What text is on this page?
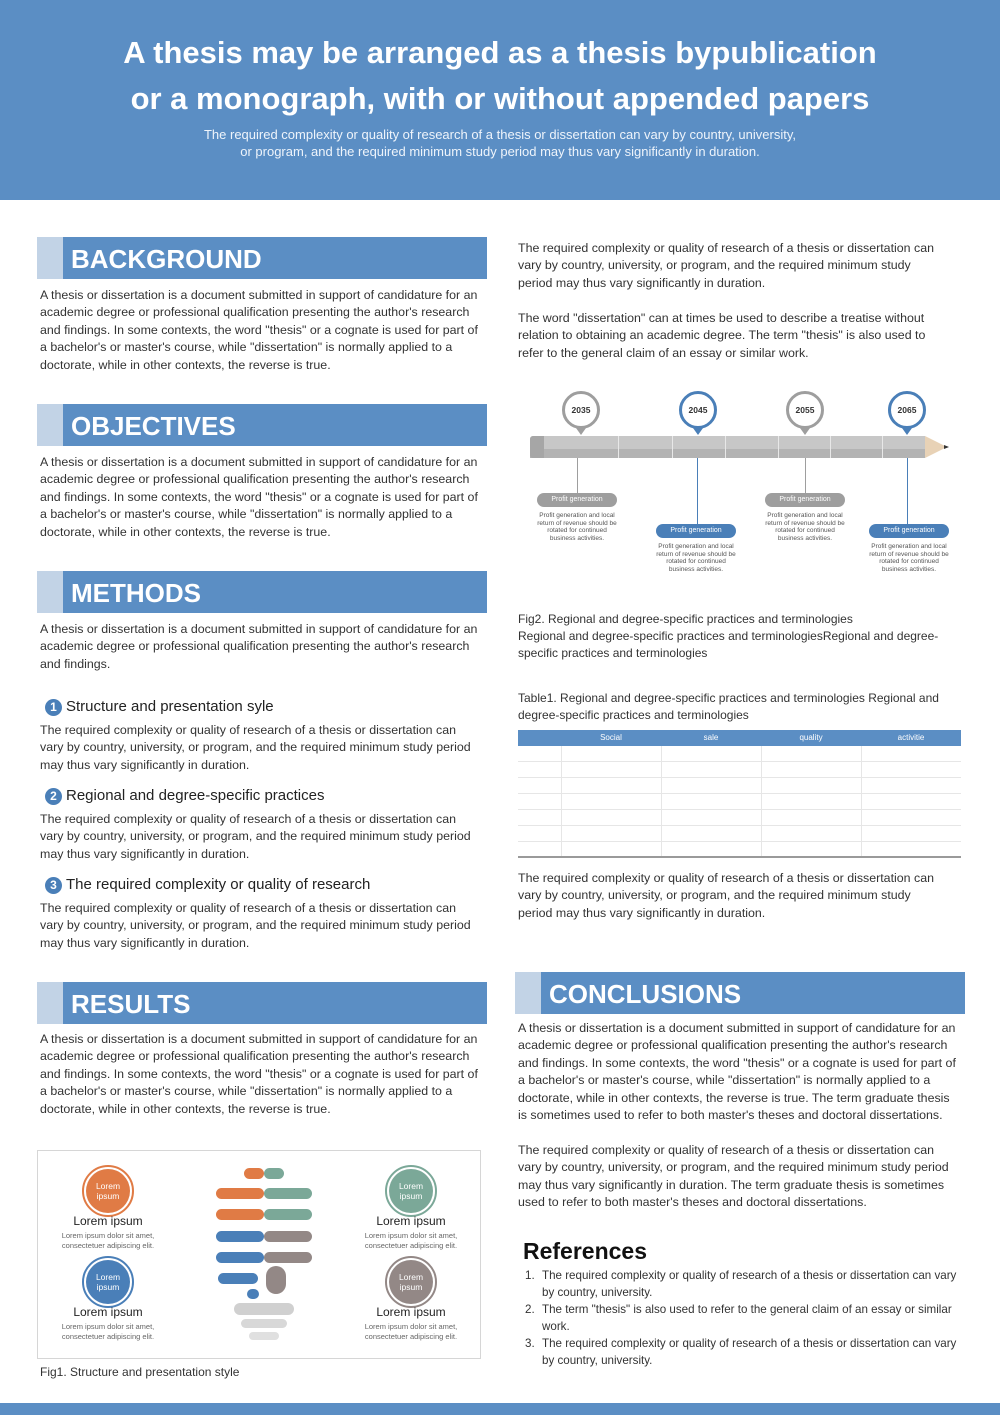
A thesis may be arranged as a thesis bypublication
or a monograph, with or without appended papers
The required complexity or quality of research of a thesis or dissertation can vary by country, university,
or program, and the required minimum study period may thus vary significantly in duration.
BACKGROUND
A thesis or dissertation is a document submitted in support of candidature for an academic degree or professional qualification presenting the author's research and findings. In some contexts, the word "thesis" or a cognate is used for part of a bachelor's or master's course, while "dissertation" is normally applied to a doctorate, while in other contexts, the reverse is true.
OBJECTIVES
A thesis or dissertation is a document submitted in support of candidature for an academic degree or professional qualification presenting the author's research and findings. In some contexts, the word "thesis" or a cognate is used for part of a bachelor's or master's course, while "dissertation" is normally applied to a doctorate, while in other contexts, the reverse is true.
METHODS
A thesis or dissertation is a document submitted in support of candidature for an academic degree or professional qualification presenting the author's research and findings.
1 Structure and presentation syle
The required complexity or quality of research of a thesis or dissertation can vary by country, university, or program, and the required minimum study period may thus vary significantly in duration.
2 Regional and degree-specific practices
The required complexity or quality of research of a thesis or dissertation can vary by country, university, or program, and the required minimum study period may thus vary significantly in duration.
3 The required complexity or quality of research
The required complexity or quality of research of a thesis or dissertation can vary by country, university, or program, and the required minimum study period may thus vary significantly in duration.
RESULTS
A thesis or dissertation is a document submitted in support of candidature for an academic degree or professional qualification presenting the author's research and findings. In some contexts, the word "thesis" or a cognate is used for part of a bachelor's or master's course, while "dissertation" is normally applied to a doctorate, while in other contexts, the reverse is true.
Lorem ipsum
Lorem ipsum
Lorem ipsum dolor sit amet, consectetuer adipiscing elit.
Lorem ipsum
Lorem ipsum
Lorem ipsum dolor sit amet, consectetuer adipiscing elit.
Lorem ipsum
Lorem ipsum
Lorem ipsum dolor sit amet, consectetuer adipiscing elit.
Lorem ipsum
Lorem ipsum
Lorem ipsum dolor sit amet, consectetuer adipiscing elit.
Fig1. Structure and presentation style
The required complexity or quality of research of a thesis or dissertation can vary by country, university, or program, and the required minimum study period may thus vary significantly in duration.
The word "dissertation" can at times be used to describe a treatise without relation to obtaining an academic degree. The term "thesis" is also used to refer to the general claim of an essay or similar work.
2035	2045	2055	2065
Profit generation
Profit generation and local return of revenue should be rotated for continued business activities.
Profit generation
Profit generation and local return of revenue should be rotated for continued business activities.
Profit generation
Profit generation and local return of revenue should be rotated for continued business activities.
Profit generation
Profit generation and local return of revenue should be rotated for continued business activities.
Fig2. Regional and degree-specific practices and terminologies
Regional and degree-specific practices and terminologiesRegional and degree-specific practices and terminologies
Table1. Regional and degree-specific practices and terminologies Regional and degree-specific practices and terminologies
Social	sale	quality	activitie
The required complexity or quality of research of a thesis or dissertation can vary by country, university, or program, and the required minimum study period may thus vary significantly in duration.
CONCLUSIONS
A thesis or dissertation is a document submitted in support of candidature for an academic degree or professional qualification presenting the author's research and findings. In some contexts, the word "thesis" or a cognate is used for part of a bachelor's or master's course, while "dissertation" is normally applied to a doctorate, while in other contexts, the reverse is true. The term graduate thesis is sometimes used to refer to both master's theses and doctoral dissertations.
The required complexity or quality of research of a thesis or dissertation can vary by country, university, or program, and the required minimum study period may thus vary significantly in duration. The term graduate thesis is sometimes used to refer to both master's theses and doctoral dissertations.
References
1. The required complexity or quality of research of a thesis or dissertation can vary by country, university.
2. The term "thesis" is also used to refer to the general claim of an essay or similar work.
3. The required complexity or quality of research of a thesis or dissertation can vary by country, university.
